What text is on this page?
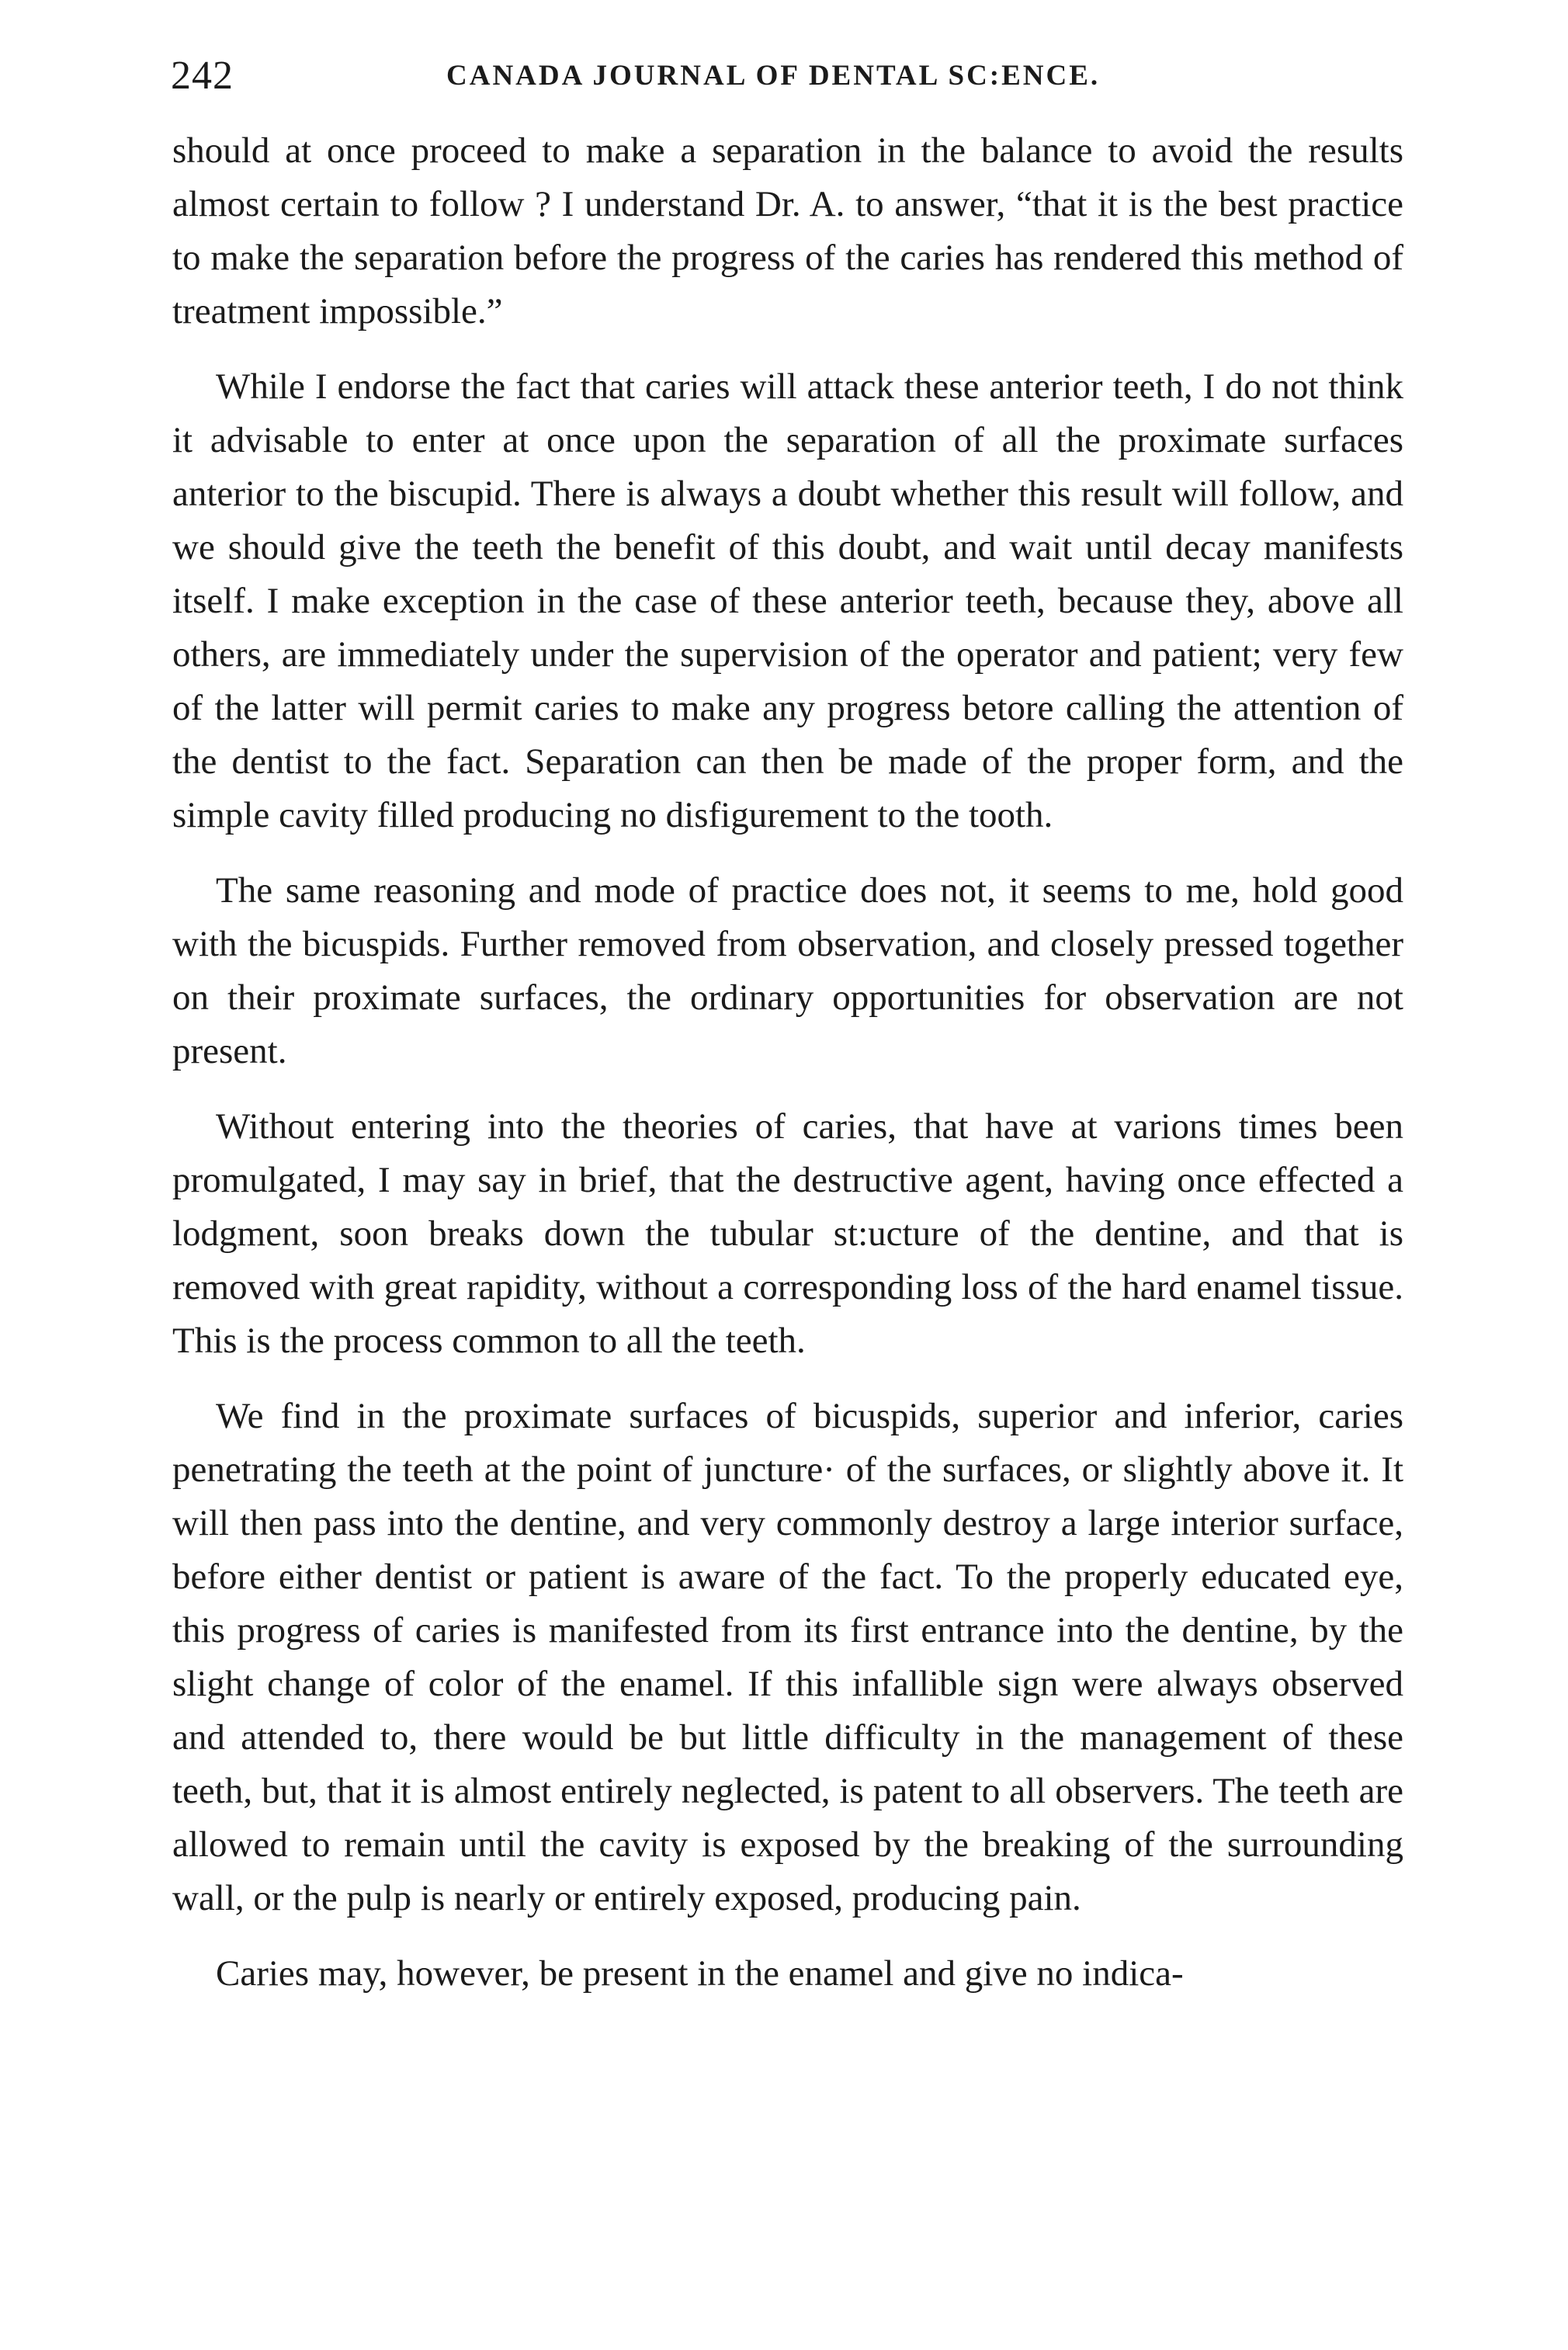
242	CANADA JOURNAL OF DENTAL SC:ENCE.

should at once proceed to make a separation in the balance to avoid the results almost certain to follow ? I understand Dr. A. to answer, “that it is the best practice to make the separation before the progress of the caries has rendered this method of treatment impossible.”

While I endorse the fact that caries will attack these anterior teeth, I do not think it advisable to enter at once upon the separation of all the proximate surfaces anterior to the biscupid. There is always a doubt whether this result will follow, and we should give the teeth the benefit of this doubt, and wait until decay manifests itself. I make exception in the case of these anterior teeth, because they, above all others, are immediately under the supervision of the operator and patient; very few of the latter will permit caries to make any progress betore calling the attention of the dentist to the fact. Separation can then be made of the proper form, and the simple cavity filled producing no disfigurement to the tooth.

The same reasoning and mode of practice does not, it seems to me, hold good with the bicuspids. Further removed from observation, and closely pressed together on their proximate surfaces, the ordinary opportunities for observation are not present.

Without entering into the theories of caries, that have at varions times been promulgated, I may say in brief, that the destructive agent, having once effected a lodgment, soon breaks down the tubular st:ucture of the dentine, and that is removed with great rapidity, without a corresponding loss of the hard enamel tissue. This is the process common to all the teeth.

We find in the proximate surfaces of bicuspids, superior and inferior, caries penetrating the teeth at the point of juncture· of the surfaces, or slightly above it. It will then pass into the dentine, and very commonly destroy a large interior surface, before either dentist or patient is aware of the fact. To the properly educated eye, this progress of caries is manifested from its first entrance into the dentine, by the slight change of color of the enamel. If this infallible sign were always observed and attended to, there would be but little difficulty in the management of these teeth, but, that it is almost entirely neglected, is patent to all observers. The teeth are allowed to remain until the cavity is exposed by the breaking of the surrounding wall, or the pulp is nearly or entirely exposed, producing pain.

Caries may, however, be present in the enamel and give no indica-
